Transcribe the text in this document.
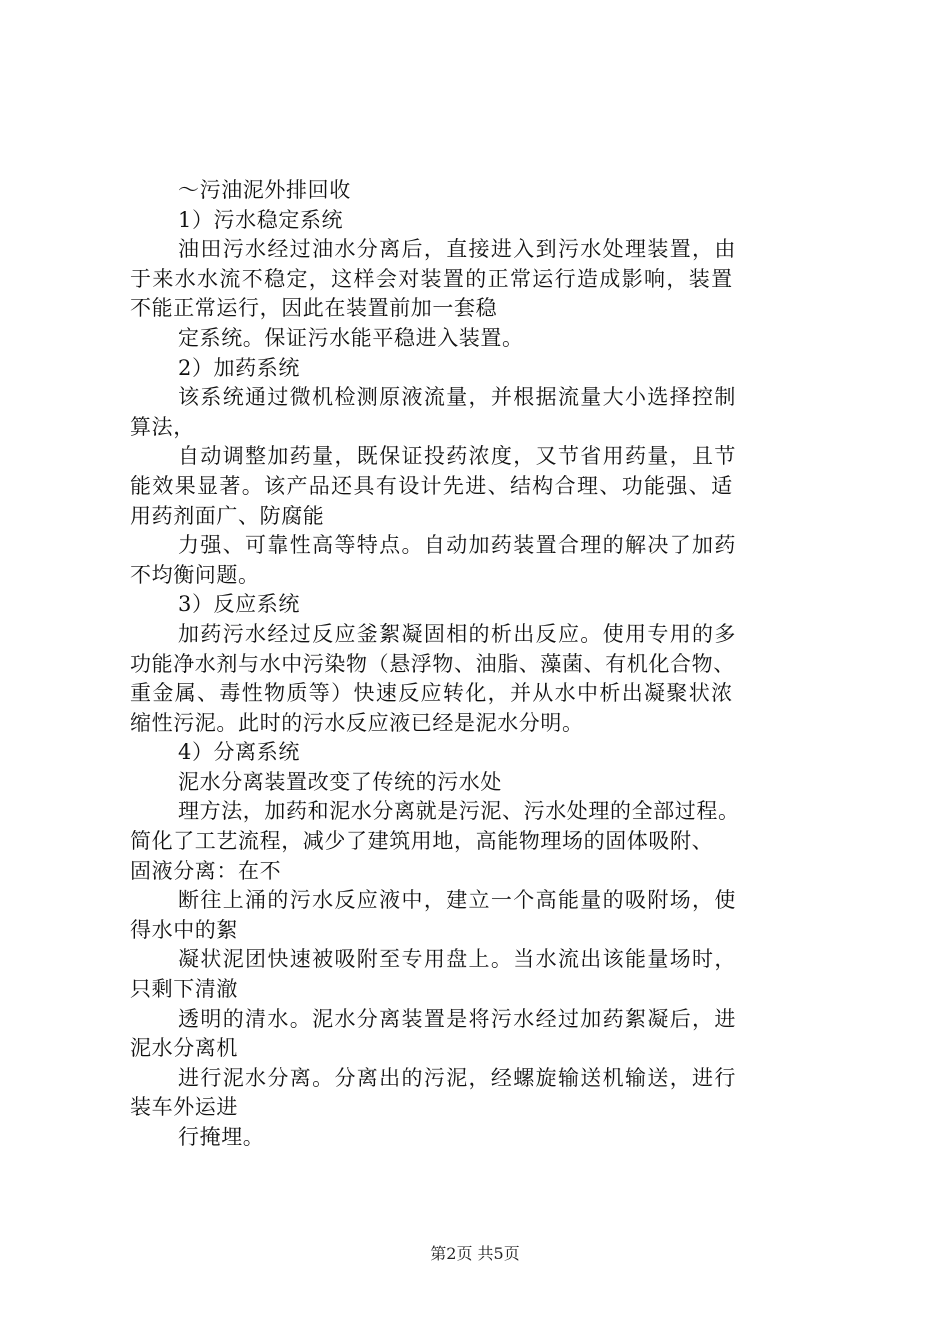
～污油泥外排回收
1）污水稳定系统
油田污水经过油水分离后，直接进入到污水处理装置，由
于来水水流不稳定，这样会对装置的正常运行造成影响，装置
不能正常运行，因此在装置前加一套稳
定系统。保证污水能平稳进入装置。
2）加药系统
该系统通过微机检测原液流量，并根据流量大小选择控制
算法，
自动调整加药量，既保证投药浓度，又节省用药量，且节
能效果显著。该产品还具有设计先进、结构合理、功能强、适
用药剂面广、防腐能
力强、可靠性高等特点。自动加药装置合理的解决了加药
不均衡问题。
3）反应系统
加药污水经过反应釜絮凝固相的析出反应。使用专用的多
功能净水剂与水中污染物（悬浮物、油脂、藻菌、有机化合物、
重金属、毒性物质等）快速反应转化，并从水中析出凝聚状浓
缩性污泥。此时的污水反应液已经是泥水分明。
4）分离系统
泥水分离装置改变了传统的污水处
理方法，加药和泥水分离就是污泥、污水处理的全部过程。
简化了工艺流程，减少了建筑用地，高能物理场的固体吸附、
固液分离：在不
断往上涌的污水反应液中，建立一个高能量的吸附场，使
得水中的絮
凝状泥团快速被吸附至专用盘上。当水流出该能量场时，
只剩下清澈
透明的清水。泥水分离装置是将污水经过加药絮凝后，进
泥水分离机
进行泥水分离。分离出的污泥，经螺旋输送机输送，进行
装车外运进
行掩埋。
第2页 共5页
